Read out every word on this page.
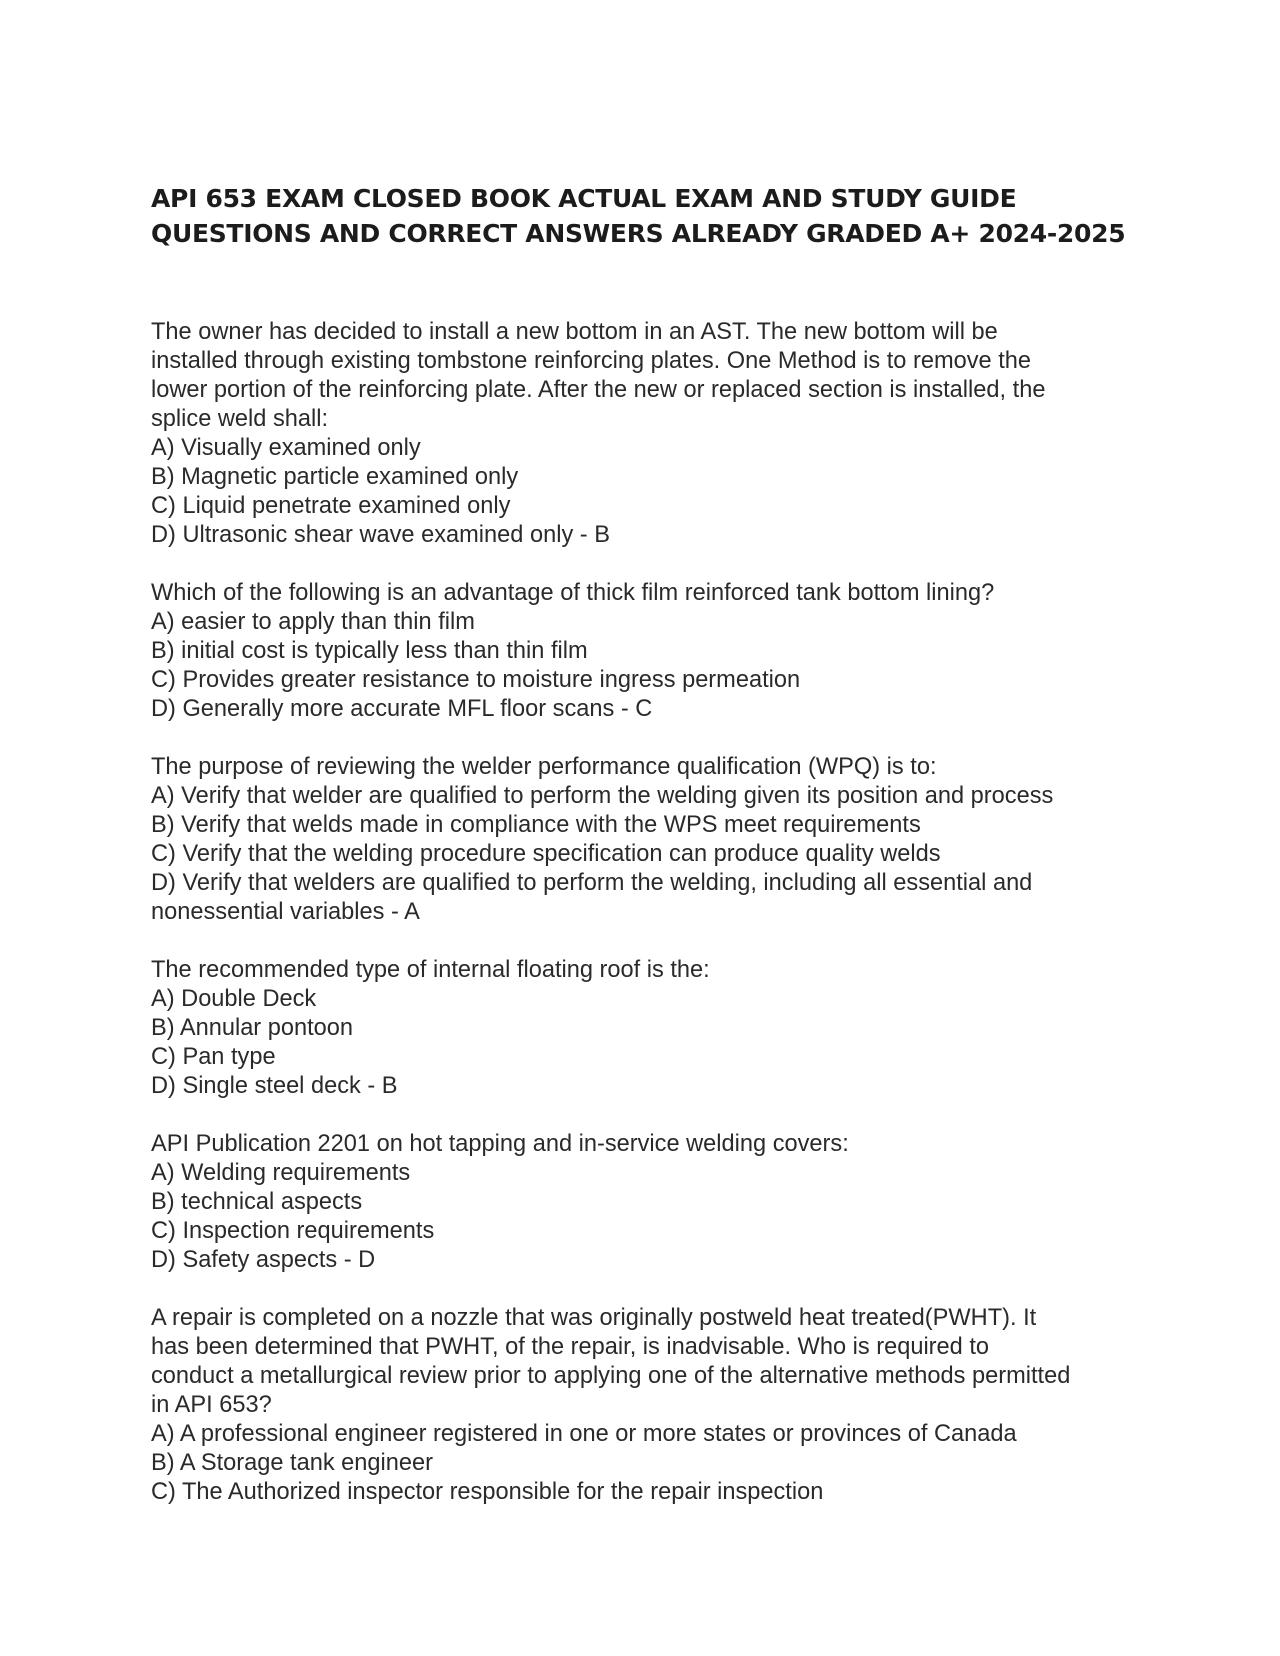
API 653 EXAM CLOSED BOOK ACTUAL EXAM AND STUDY GUIDE
QUESTIONS AND CORRECT ANSWERS ALREADY GRADED A+ 2024-2025
The owner has decided to install a new bottom in an AST. The new bottom will be
installed through existing tombstone reinforcing plates. One Method is to remove the
lower portion of the reinforcing plate. After the new or replaced section is installed, the
splice weld shall:
A) Visually examined only
B) Magnetic particle examined only
C) Liquid penetrate examined only
D) Ultrasonic shear wave examined only - B
Which of the following is an advantage of thick film reinforced tank bottom lining?
A) easier to apply than thin film
B) initial cost is typically less than thin film
C) Provides greater resistance to moisture ingress permeation
D) Generally more accurate MFL floor scans - C
The purpose of reviewing the welder performance qualification (WPQ) is to:
A) Verify that welder are qualified to perform the welding given its position and process
B) Verify that welds made in compliance with the WPS meet requirements
C) Verify that the welding procedure specification can produce quality welds
D) Verify that welders are qualified to perform the welding, including all essential and
nonessential variables - A
The recommended type of internal floating roof is the:
A) Double Deck
B) Annular pontoon
C) Pan type
D) Single steel deck - B
API Publication 2201 on hot tapping and in-service welding covers:
A) Welding requirements
B) technical aspects
C) Inspection requirements
D) Safety aspects - D
A repair is completed on a nozzle that was originally postweld heat treated(PWHT). It
has been determined that PWHT, of the repair, is inadvisable. Who is required to
conduct a metallurgical review prior to applying one of the alternative methods permitted
in API 653?
A) A professional engineer registered in one or more states or provinces of Canada
B) A Storage tank engineer
C) The Authorized inspector responsible for the repair inspection
